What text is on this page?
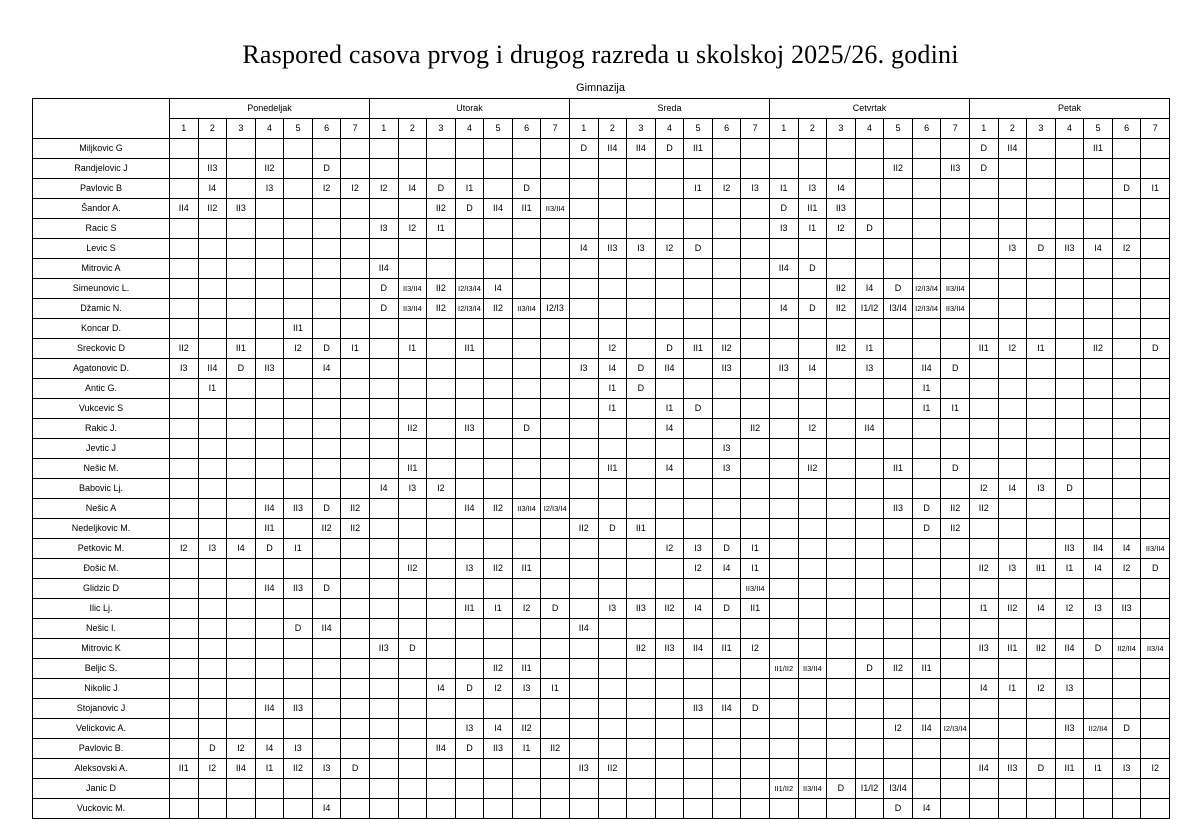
Raspored casova prvog i drugog razreda u skolskoj 2025/26. godini
Gimnazija
	Ponedeljak							Utorak							Sreda							Cetvrtak							Petak						
	1	2	3	4	5	6	7	1	2	3	4	5	6	7	1	2	3	4	5	6	7	1	2	3	4	5	6	7	1	2	3	4	5	6	7
Miljkovic G															D	II4	II4	D	II1										D	II4			II1		
Randjelovic J		II3		II2		D																				II2		II3	D						
Pavlovic B		I4		I3		I2	I2	I2	I4	D	I1		D						I1	I2	I3	I1	I3	I4										D	I1
Šandor A.	II4	II2	II3							II2	D	II4	II1	II3/II4								D	II1	II3											
Racic S								I3	I2	I1												I3	I1	I2	D										
Levic S															I4	II3	I3	I2	D											I3	D	II3	I4	I2	
Mitrovic A								II4														II4	D												
Simeunovic L.								D	II3/II4	II2	I2/I3/I4	I4												II2	I4	D	I2/I3/I4	II3/II4							
Džamic N.								D	II3/II4	II2	I2/I3/I4	II2	II3/II4	I2/I3								I4	D	II2	I1/I2	I3/I4	I2/I3/I4	II3/II4							
Koncar D.					II1																														
Sreckovic D	II2		II1		I2	D	I1		I1		II1					I2		D	II1	II2				II2	I1				II1	I2	I1		II2		D
Agatonovic D.	I3	II4	D	II3		I4									I3	I4	D	II4		II3		II3	I4		I3		II4	D							
Antic G.		I1														I1	D										I1								
Vukcevic S																I1		I1	D								I1	I1							
Rakic J.									II2		II3		D					I4			II2		I2		II4										
Jevtic J																				I3															
Nešic M.									II1							II1		I4		I3			II2			II1		D							
Babovic Lj.								I4	I3	I2																			I2	I4	I3	D			
Nešic A				II4	II3	D	II2				II4	II2	II3/II4	I2/I3/I4												II3	D	II2	II2						
Nedeljkovic M.				II1		II2	II2								II2	D	II1										D	II2							
Petkovic M.	I2	I3	I4	D	I1													I2	I3	D	I1											II3	II4	I4	II3/II4
Ðošic M.									II2		I3	II2	II1						I2	I4	I1								II2	I3	II1	I1	I4	I2	D
Glidzic D				II4	II3	D															II3/II4														
Ilic Lj.											II1	I1	I2	D		I3	II3	II2	I4	D	II1								I1	II2	I4	I2	I3	II3	
Nešic I.					D	II4									II4																				
Mitrovic K								II3	D								II2	II3	II4	II1	I2								II3	II1	II2	II4	D	II2/II4	II3/I4
Beljic S.												II2	II1									II1/II2	II3/II4		D	II2	II1								
Nikolic J										I4	D	I2	I3	I1															I4	I1	I2	I3			
Stojanovic J				II4	II3														II3	II4	D														
Velickovic A.											I3	I4	II2													I2	II4	I2/I3/I4				II3	II2/II4	D	
Pavlovic B.		D	I2	I4	I3					II4	D	II3	I1	II2																					
Aleksovski A.	II1	I2	II4	I1	II2	I3	D								II3	II2													II4	II3	D	II1	I1	I3	I2
Janic D																						II1/II2	II3/II4	D	I1/I2	I3/I4									
Vuckovic M.						I4																				D	I4								
